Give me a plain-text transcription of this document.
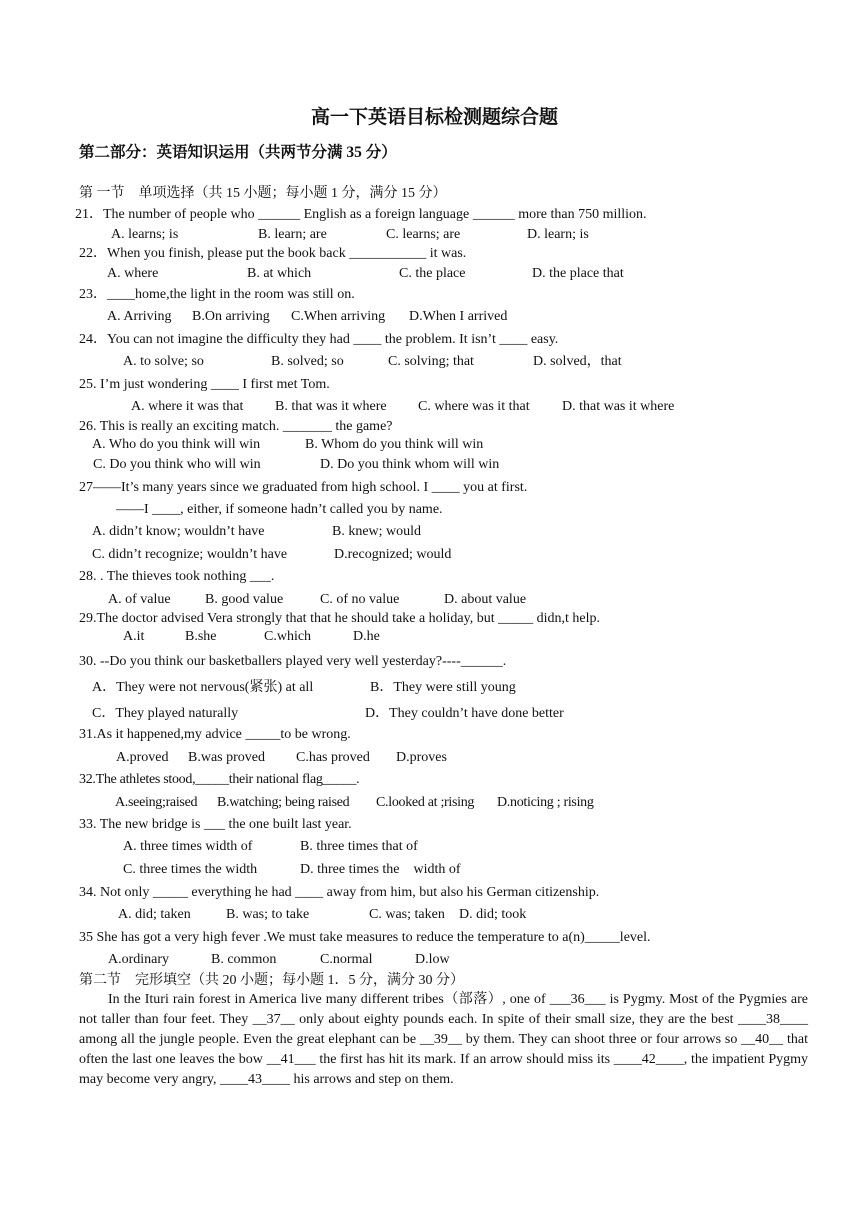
高一下英语目标检测题综合题
第二部分：英语知识运用（共两节分满 35 分）
第 一节　单项选择（共 15 小题；每小题 1 分，满分 15 分）
21．The number of people who ______ English as a foreign language ______ more than 750 million.
A. learns; is	B. learn; are	C. learns; are	D. learn; is
22．When you finish, please put the book back ___________ it was.
A. where	B. at which	C. the place	D. the place that
23．____home,the light in the room was still on.
A. Arriving B.On arriving C.When arriving D.When I arrived
24．You can not imagine the difficulty they had ____ the problem. It isn’t ____ easy.
A. to solve; so	B. solved; so	C. solving; that	D. solved，that
25. I’m just wondering ____ I first met Tom.
A. where it was that B. that was it where C. where was it that D. that was it where
26. This is really an exciting match. _______ the game?
A. Who do you think will win	B. Whom do you think will win
C. Do you think who will win	D. Do you think whom will win
27——It’s many years since we graduated from high school. I ____ you at first.
——I ____, either, if someone hadn’t called you by name.
A. didn’t know; wouldn’t have	B. knew; would
C. didn’t recognize; wouldn’t have	D.recognized; would
28. . The thieves took nothing ___.
A. of value B. good value	C. of no value	D. about value
29.The doctor advised Vera strongly that that he should take a holiday, but _____ didn,t help.
A.it	B.she	C.which	D.he
30. --Do you think our basketballers played very well yesterday?----______.
A．They were not nervous(紧张) at all	B．They were still young
C．They played naturally	D．They couldn’t have done better
31.As it happened,my advice _____to be wrong.
A.proved B.was proved C.has proved D.proves
32.The athletes stood,_____their national flag_____.
A.seeing;raised B.watching; being raised C.looked at ;rising D.noticing ; rising
33. The new bridge is ___ the one built last year.
A. three times width of	B. three times that of
C. three times the width	D. three times the　width of
34. Not only _____ everything he had ____ away from him, but also his German citizenship.
A. did; taken	B. was; to take	C. was; taken D. did; took
35 She has got a very high fever .We must take measures to reduce the temperature to a(n)_____level.
A.ordinary	B. common	C.normal	D.low
第二节　完形填空（共 20 小题；每小题 1．5 分，满分 30 分）
In the Ituri rain forest in America live many different tribes（部落）, one of ___36___ is Pygmy. Most of the Pygmies are not taller than four feet. They __37__ only about eighty pounds each. In spite of their small size, they are the best ____38____ among all the jungle people. Even the great elephant can be __39__ by them. They can shoot three or four arrows so __40__ that often the last one leaves the bow __41___ the first has hit its mark. If an arrow should miss its ____42____, the impatient Pygmy may become very angry, ____43____ his arrows and step on them.
